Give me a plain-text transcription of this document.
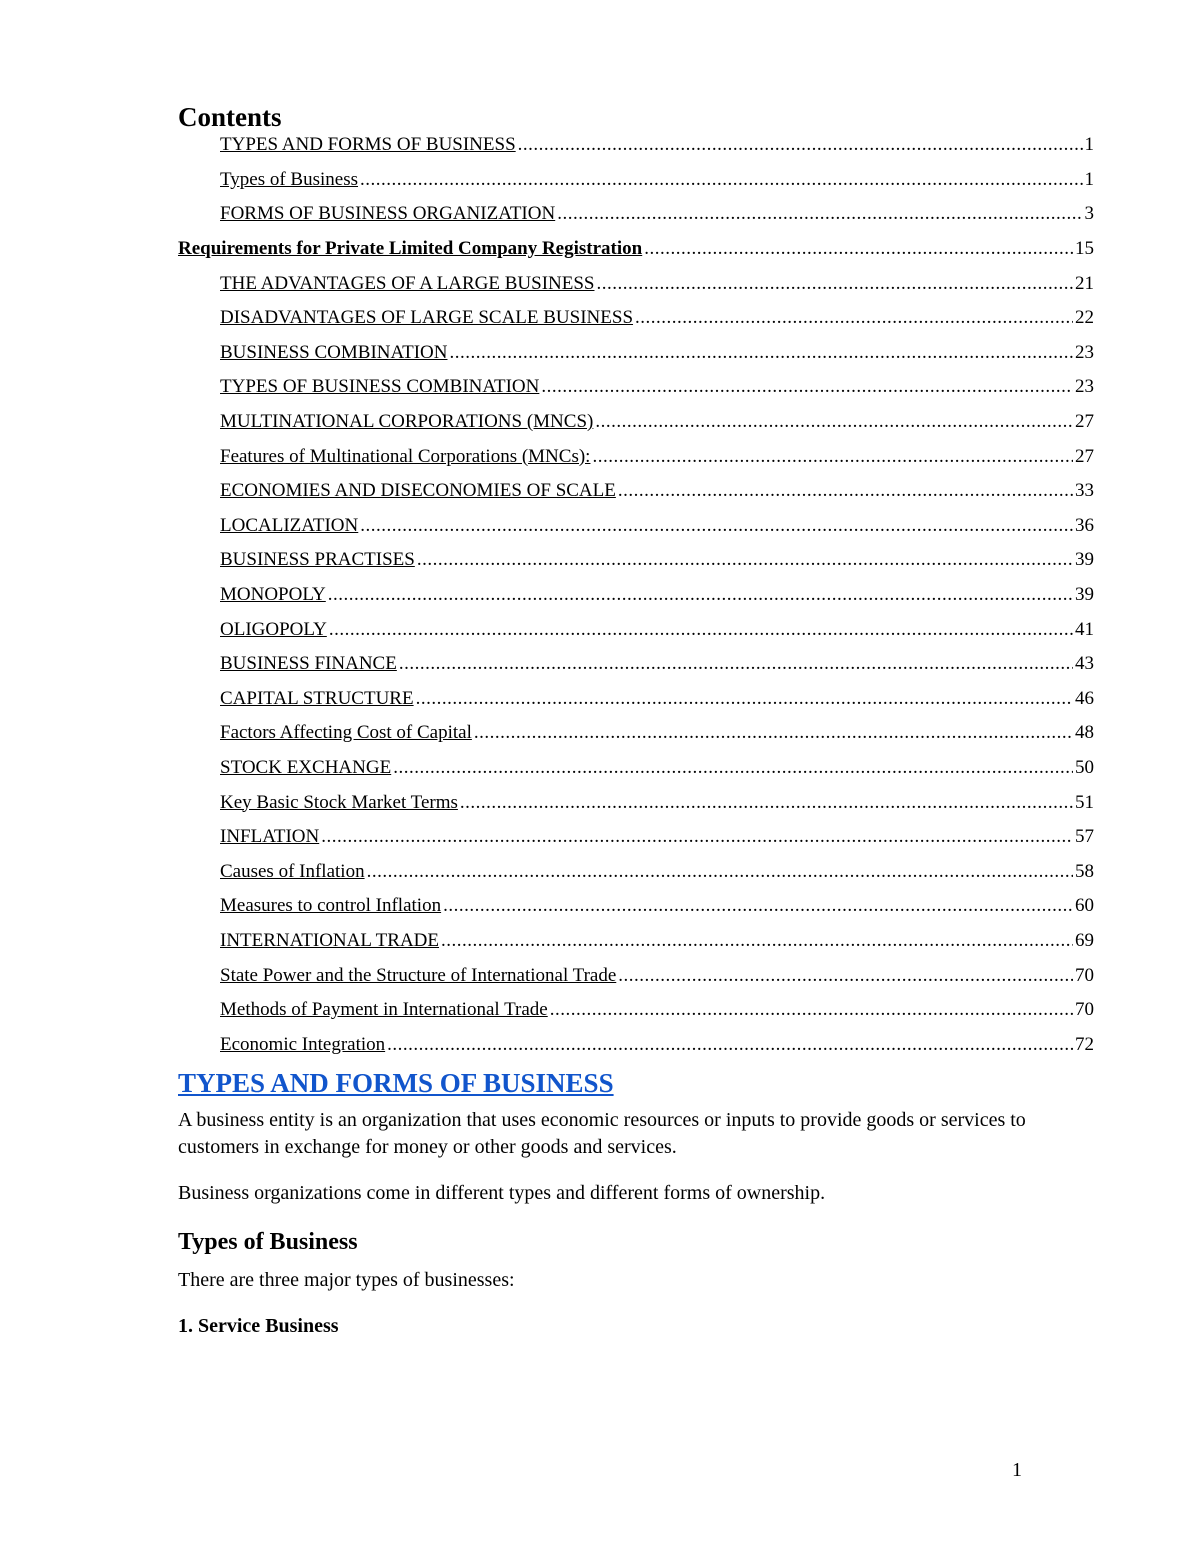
Contents
TYPES AND FORMS OF BUSINESS .....	1
Types of Business .....	1
FORMS OF BUSINESS ORGANIZATION .....	3
Requirements for Private Limited Company Registration .....	15
THE ADVANTAGES OF A LARGE BUSINESS .....	21
DISADVANTAGES OF LARGE SCALE BUSINESS .....	22
BUSINESS COMBINATION .....	23
TYPES OF BUSINESS COMBINATION .....	23
MULTINATIONAL CORPORATIONS (MNCS) .....	27
Features of Multinational Corporations (MNCs): .....	27
ECONOMIES AND DISECONOMIES OF SCALE .....	33
LOCALIZATION .....	36
BUSINESS PRACTISES .....	39
MONOPOLY .....	39
OLIGOPOLY .....	41
BUSINESS FINANCE .....	43
CAPITAL STRUCTURE .....	46
Factors Affecting Cost of Capital .....	48
STOCK EXCHANGE .....	50
Key Basic Stock Market Terms .....	51
INFLATION .....	57
Causes of Inflation .....	58
Measures to control Inflation .....	60
INTERNATIONAL TRADE .....	69
State Power and the Structure of International Trade .....	70
Methods of Payment in International Trade .....	70
Economic Integration .....	72
TYPES AND FORMS OF BUSINESS

A business entity is an organization that uses economic resources or inputs to provide goods or services to customers in exchange for money or other goods and services.

Business organizations come in different types and different forms of ownership.

Types of Business

There are three major types of businesses:

1. Service Business
1
